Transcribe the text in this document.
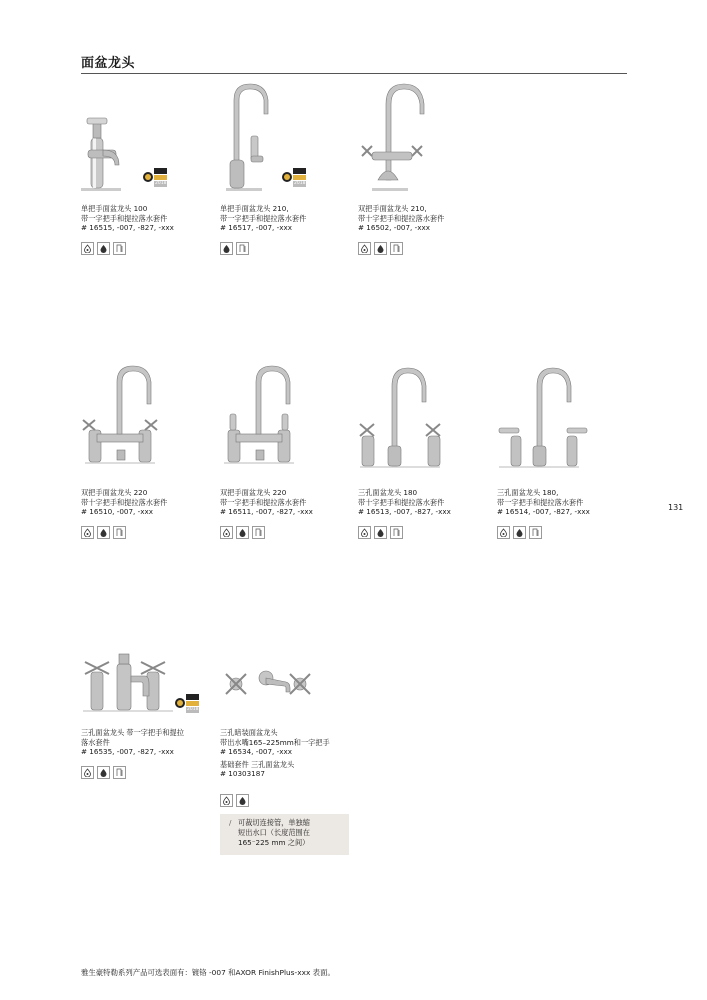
面盆龙头
2018
单把手面盆龙头 100
带一字把手和提拉落水套件
# 16515, -007, -827, -xxx
2018
单把手面盆龙头 210,
带一字把手和提拉落水套件
# 16517, -007, -xxx
双把手面盆龙头 210,
带十字把手和提拉落水套件
# 16502, -007, -xxx
双把手面盆龙头 220
带十字把手和提拉落水套件
# 16510, -007, -xxx
双把手面盆龙头 220
带一字把手和提拉落水套件
# 16511, -007, -827, -xxx
三孔面盆龙头 180
带十字把手和提拉落水套件
# 16513, -007, -827, -xxx
三孔面盆龙头 180,
带一字把手和提拉落水套件
# 16514, -007, -827, -xxx	131
2018
三孔面盆龙头 带一字把手和提拉
落水套件
# 16535, -007, -827, -xxx
三孔暗装面盆龙头
带出水嘴165–225mm和一字把手
# 16534, -007, -xxx
基础套件 三孔面盆龙头
# 10303187
/ 可裁切连接管，单独缩
短出水口（长度范围在
165⁻225 mm 之间）
雅生豪特勒系列产品可选表面有：镀铬 -007 和AXOR FinishPlus-xxx 表面。
